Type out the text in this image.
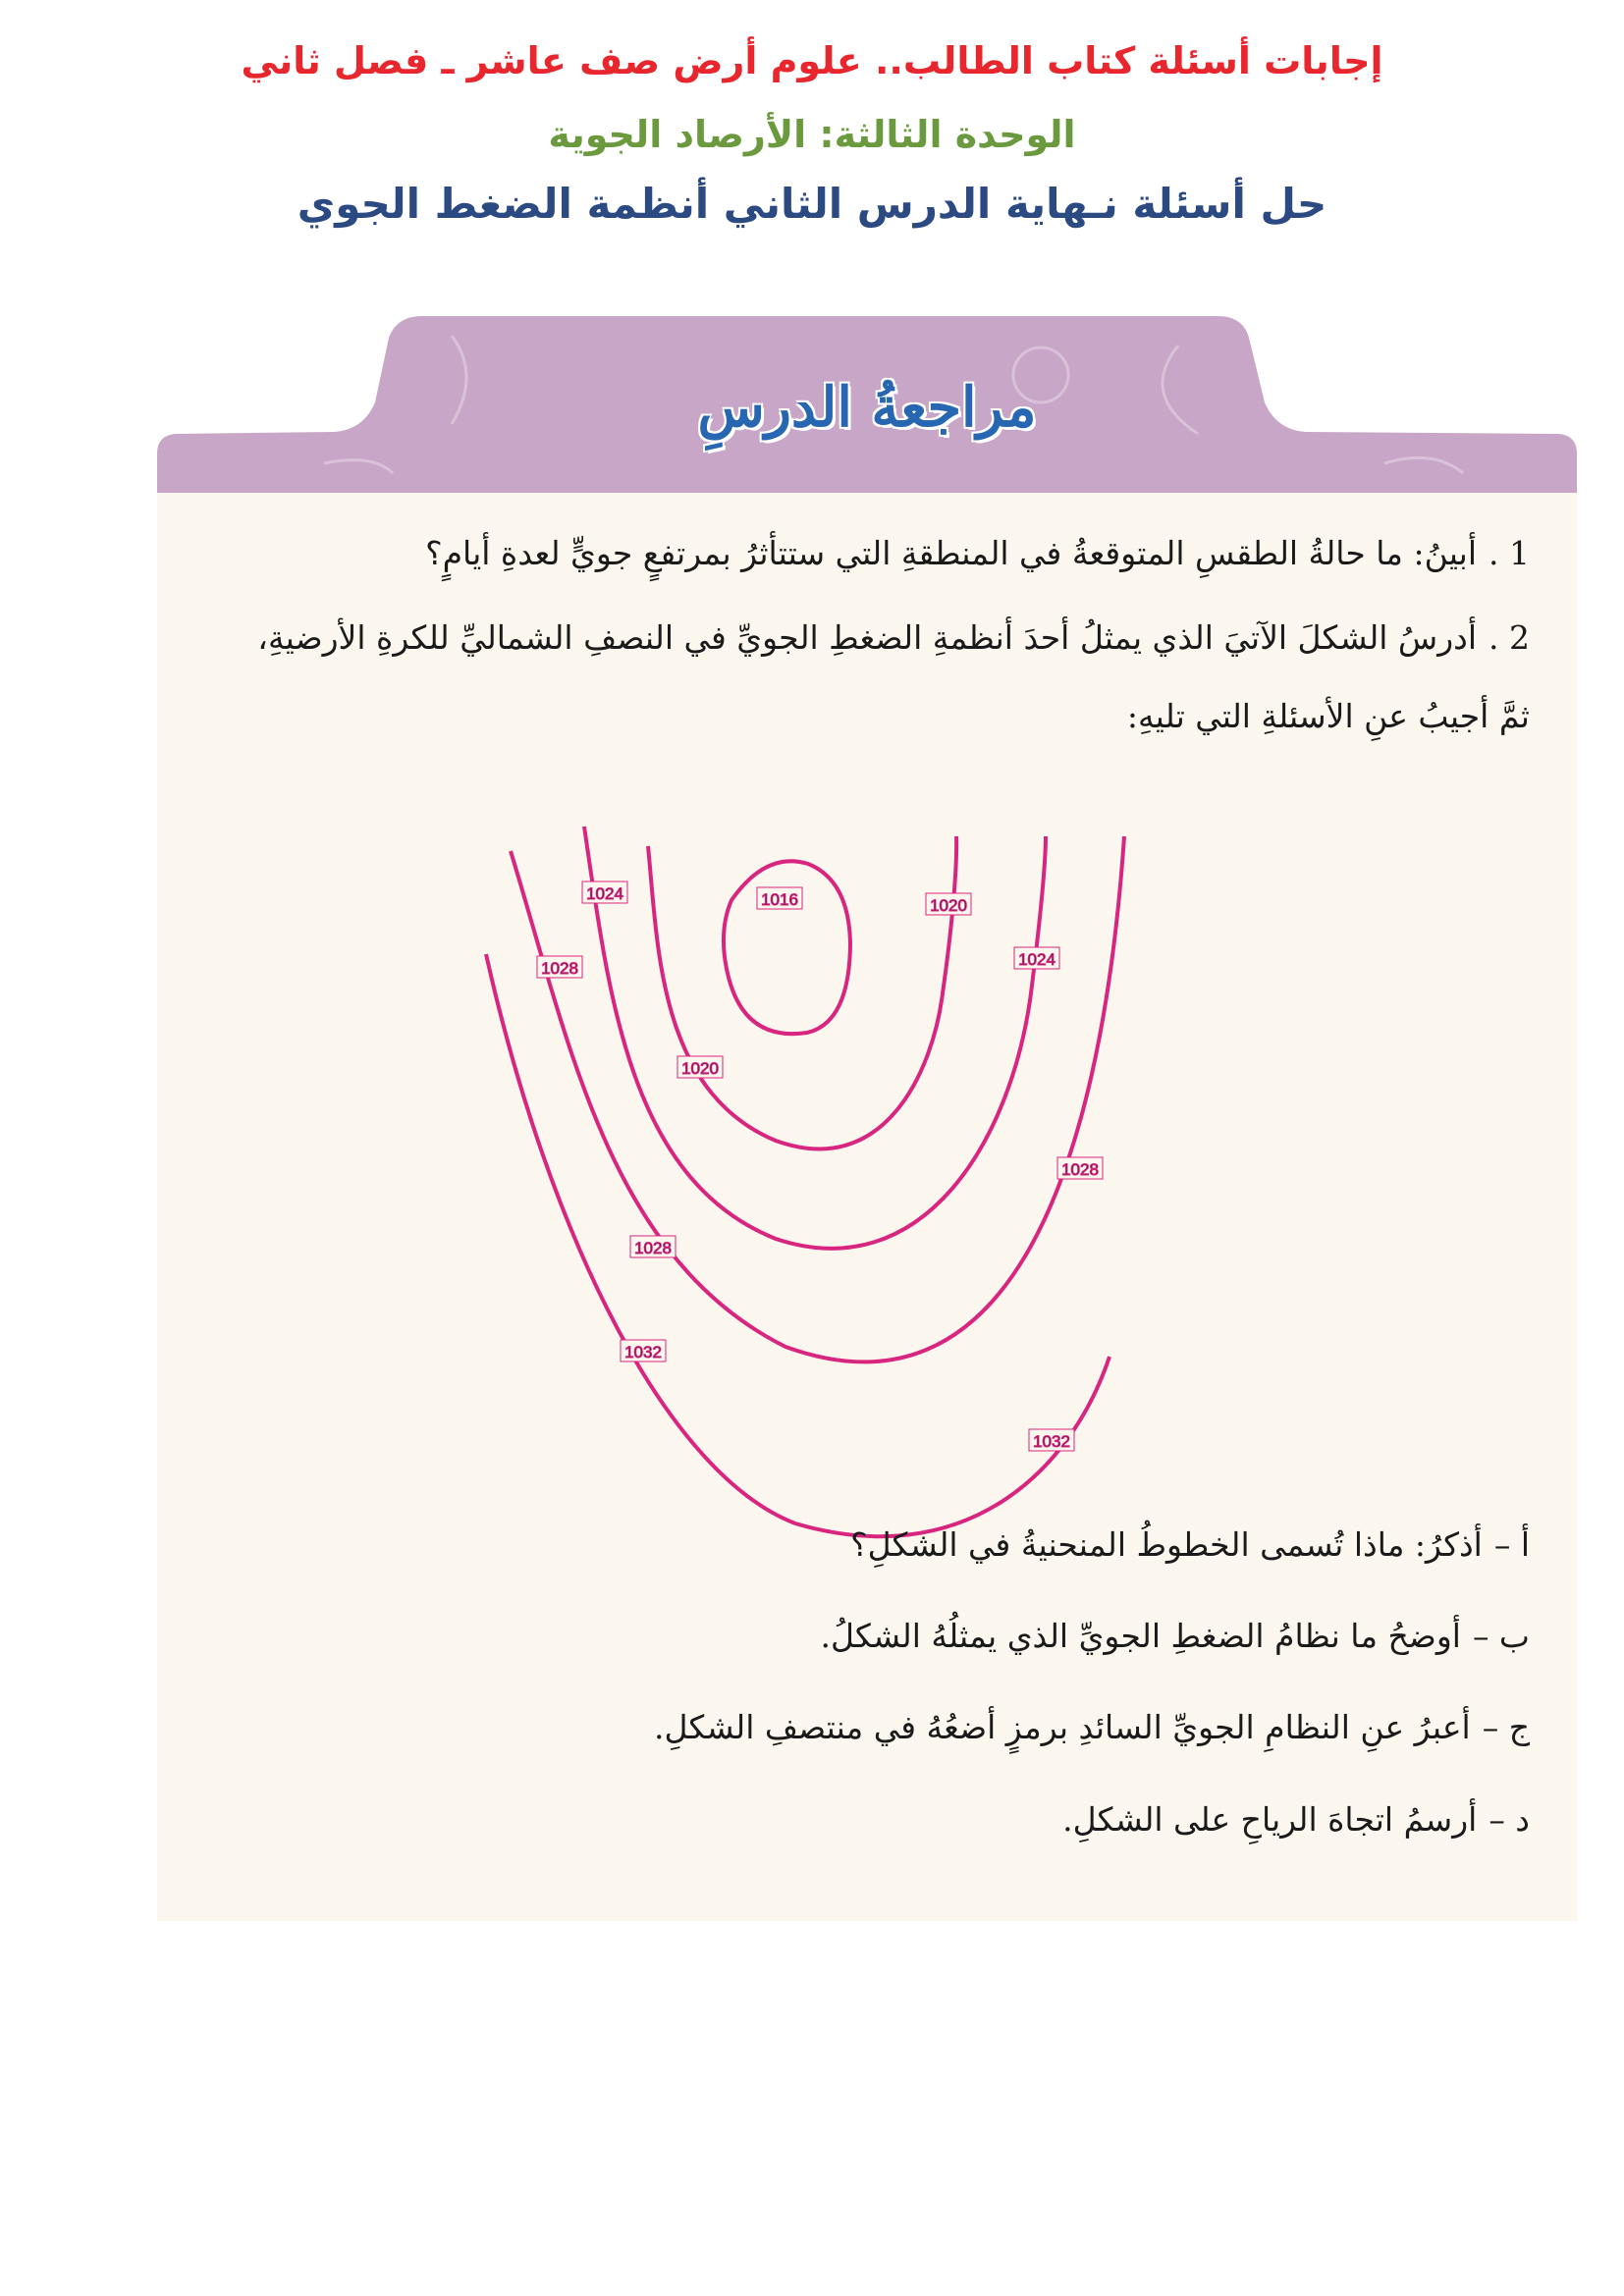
إجابات أسئلة كتاب الطالب.. علوم أرض صف عاشر ـ فصل ثاني
الوحدة الثالثة: الأرصاد الجوية
حل أسئلة نـهاية الدرس الثاني أنظمة الضغط الجوي
مراجعةُ الدرسِ
1 .أبينُ: ما حالةُ الطقسِ المتوقعةُ في المنطقةِ التي ستتأثرُ بمرتفعٍ جويٍّ لعدةِ أيامٍ؟
2 .أدرسُ الشكلَ الآتيَ الذي يمثلُ أحدَ أنظمةِ الضغطِ الجويِّ في النصفِ الشماليِّ للكرةِ الأرضيةِ،
ثمَّ أجيبُ عنِ الأسئلةِ التي تليهِ:
1016
1020
1020
1024
1024
1028
1028
1028
1032
1032
أ –أذكرُ: ماذا تُسمى الخطوطُ المنحنيةُ في الشكلِ؟
ب –أوضحُ ما نظامُ الضغطِ الجويِّ الذي يمثلُهُ الشكلُ.
ج –أعبرُ عنِ النظامِ الجويِّ السائدِ برمزٍ أضعُهُ في منتصفِ الشكلِ.
د –أرسمُ اتجاهَ الرياحِ على الشكلِ.
